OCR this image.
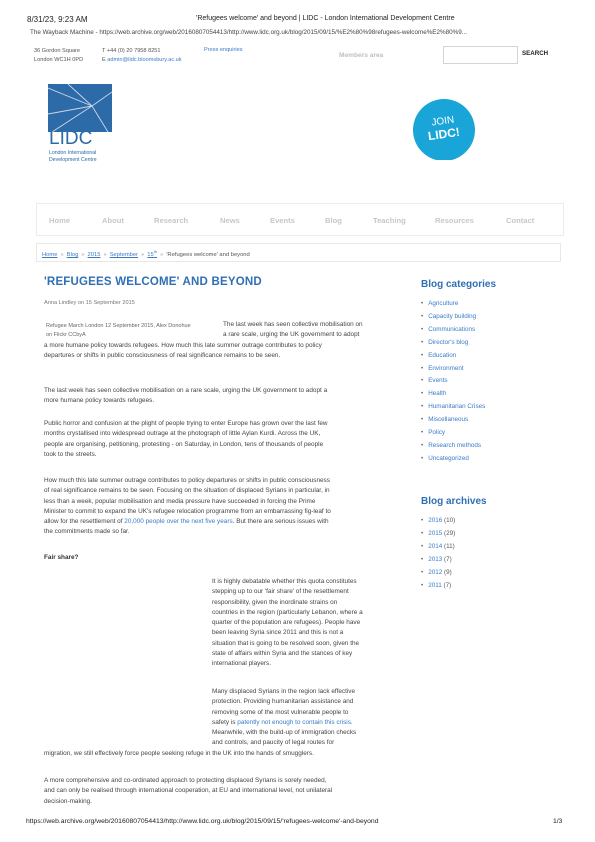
8/31/23, 9:23 AM	'Refugees welcome' and beyond | LIDC - London International Development Centre
The Wayback Machine - https://web.archive.org/web/20160807054413/http://www.lidc.org.uk/blog/2015/09/15/%E2%80%98refugees-welcome%E2%80%9...
36 Gordon Square
London WC1H 0PD
T +44 (0) 20 7958 8251
E admin@lidc.bloomsbury.ac.uk
Press enquiries
Members area	SEARCH
LIDC
London International
Development Centre
JOIN
LIDC!
Home	About	Research	News	Events	Blog	Teaching	Resources	Contact
Home » Blog » 2015 » September » 15th» 'Refugees welcome' and beyond
'REFUGEES WELCOME' AND BEYOND
Anna Lindley on 15 September 2015
Refugee March London 12 September 2015, Alex Donohue on Flickr CCbyA
The last week has seen collective mobilisation on
a rare scale, urging the UK government to adopt
a more humane policy towards refugees. How much this late summer outrage contributes to policy
departures or shifts in public consciousness of real significance remains to be seen.
The last week has seen collective mobilisation on a rare scale, urging the UK government to adopt a
more humane policy towards refugees.
Public horror and confusion at the plight of people trying to enter Europe has grown over the last few
months crystallised into widespread outrage at the photograph of little Aylan Kurdi. Across the UK,
people are organising, petitioning, protesting - on Saturday, in London, tens of thousands of people
took to the streets.
How much this late summer outrage contributes to policy departures or shifts in public consciousness
of real significance remains to be seen. Focusing on the situation of displaced Syrians in particular, in
less than a week, popular mobilisation and media pressure have succeeded in forcing the Prime
Minister to commit to expand the UK's refugee relocation programme from an embarrassing fig-leaf to
allow for the resettlement of 20,000 people over the next five years. But there are serious issues with
the commitments made so far.
Fair share?
It is highly debatable whether this quota constitutes
stepping up to our 'fair share' of the resettlement
responsibility, given the inordinate strains on
countries in the region (particularly Lebanon, where a
quarter of the population are refugees). People have
been leaving Syria since 2011 and this is not a
situation that is going to be resolved soon, given the
state of affairs within Syria and the stances of key
international players.
Many displaced Syrians in the region lack effective
protection. Providing humanitarian assistance and
removing some of the most vulnerable people to
safety is patently not enough to contain this crisis.
Meanwhile, with the build-up of immigration checks
and controls, and paucity of legal routes for
migration, we still effectively force people seeking refuge in the UK into the hands of smugglers.
A more comprehensive and co-ordinated approach to protecting displaced Syrians is sorely needed,
and can only be realised through international cooperation, at EU and international level, not unilateral
decision-making.
Blog categories
• Agriculture
• Capacity building
• Communications
• Director's blog
• Education
• Environment
• Events
• Health
• Humanitarian Crises
• Miscellaneous
• Policy
• Research methods
• Uncategorized
Blog archives
• 2016 (10)
• 2015 (29)
• 2014 (11)
• 2013 (7)
• 2012 (9)
• 2011 (7)
https://web.archive.org/web/20160807054413/http://www.lidc.org.uk/blog/2015/09/15/'refugees-welcome'-and-beyond	1/3
